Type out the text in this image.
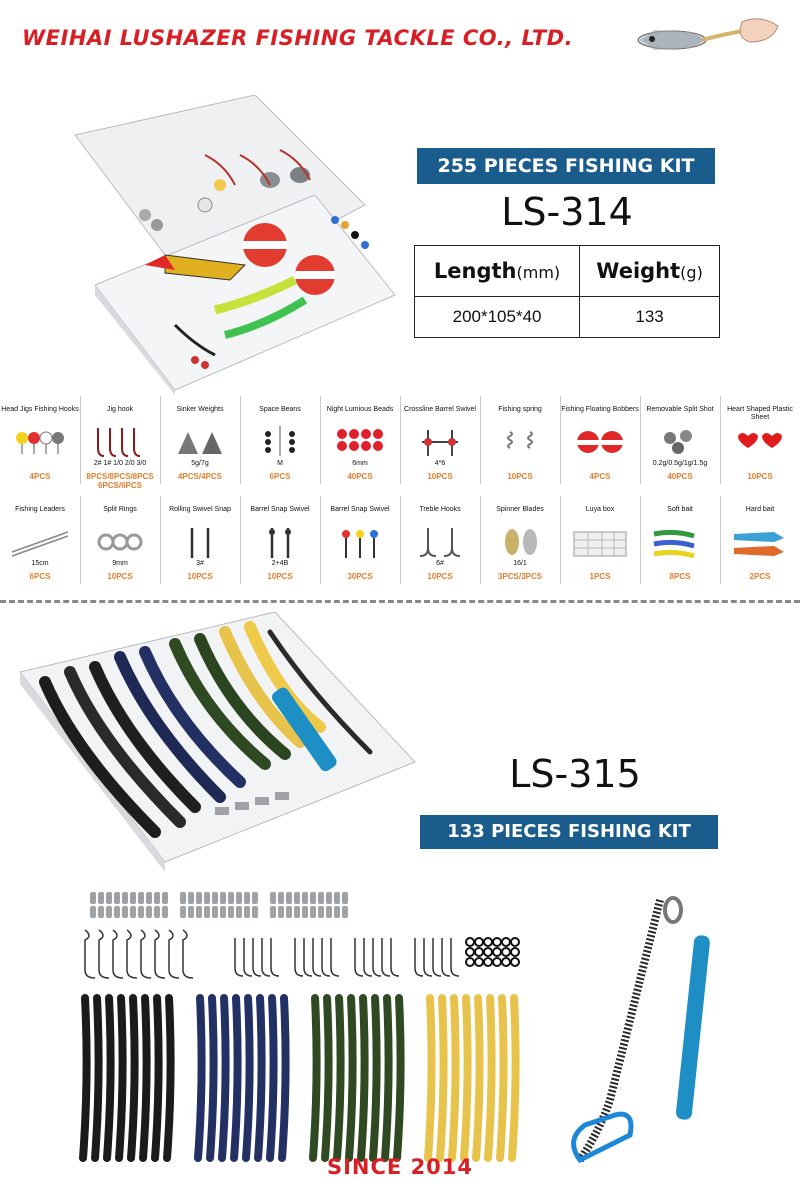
WEIHAI LUSHAZER FISHING TACKLE CO., LTD.
255 PIECES FISHING KIT
LS-314
Length(mm)	Weight(g)
200*105*40	133
Head Jigs Fishing Hooks
4PCS
Jig hook
2# 1# 1/0 2/0 3/0
8PCS/8PCS/8PCS 6PCS/6PCS
Sinker Weights
5g/7g
4PCS/4PCS
Space Beans
M
6PCS
Night Lumious Beads
6mm
40PCS
Crossline Barrel Swivel
4*6
10PCS
Fishing spring
10PCS
Fishing Floating Bobbers
4PCS
Removable Split Shot
0.2g/0.5g/1g/1.5g
40PCS
Heart Shaped Plastic Sheet
10PCS
Fishing Leaders
15cm
6PCS
Split Rings
9mm
10PCS
Rolling Swivel Snap
3#
10PCS
Barrel Snap Swivel
2+4B
10PCS
Barrel Snap Swivel
30PCS
Treble Hooks
6#
10PCS
Spinner Blades
16/1
3PCS/3PCS
Luya box
1PCS
Soft bait
8PCS
Hard bait
2PCS
LS-315
133 PIECES FISHING KIT
SINCE 2014
